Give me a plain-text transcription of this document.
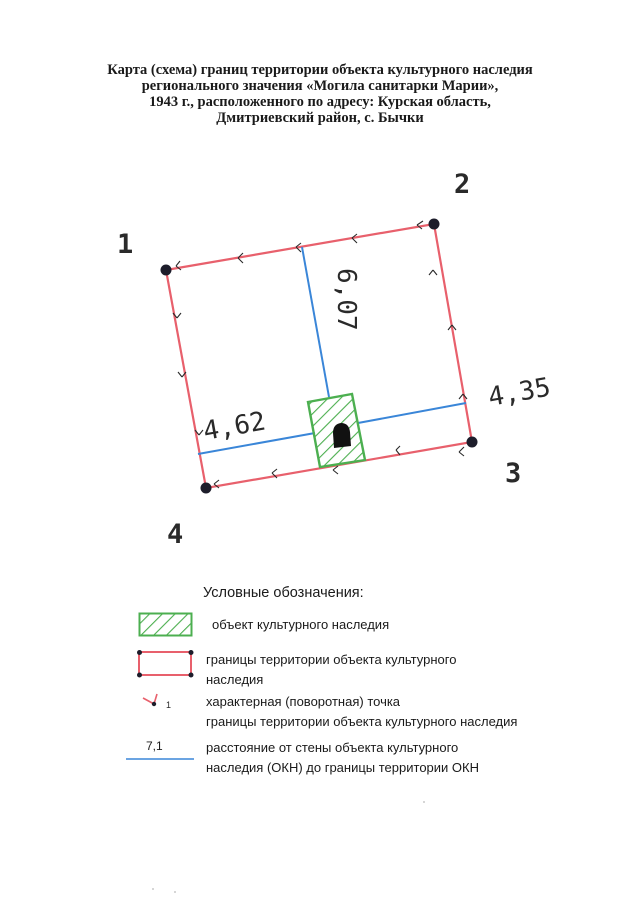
Карта (схема) границ территории объекта культурного наследия
регионального значения «Могила санитарки Марии»,
1943 г., расположенного по адресу: Курская область,
Дмитриевский район, с. Бычки
1
2
3
4
6,07
4,62
4,35
Условные обозначения:
объект культурного наследия
границы территории объекта культурного
наследия
1	характерная (поворотная) точка
границы территории объекта культурного наследия
7,1	расстояние от стены объекта культурного
наследия (ОКН) до границы территории ОКН
